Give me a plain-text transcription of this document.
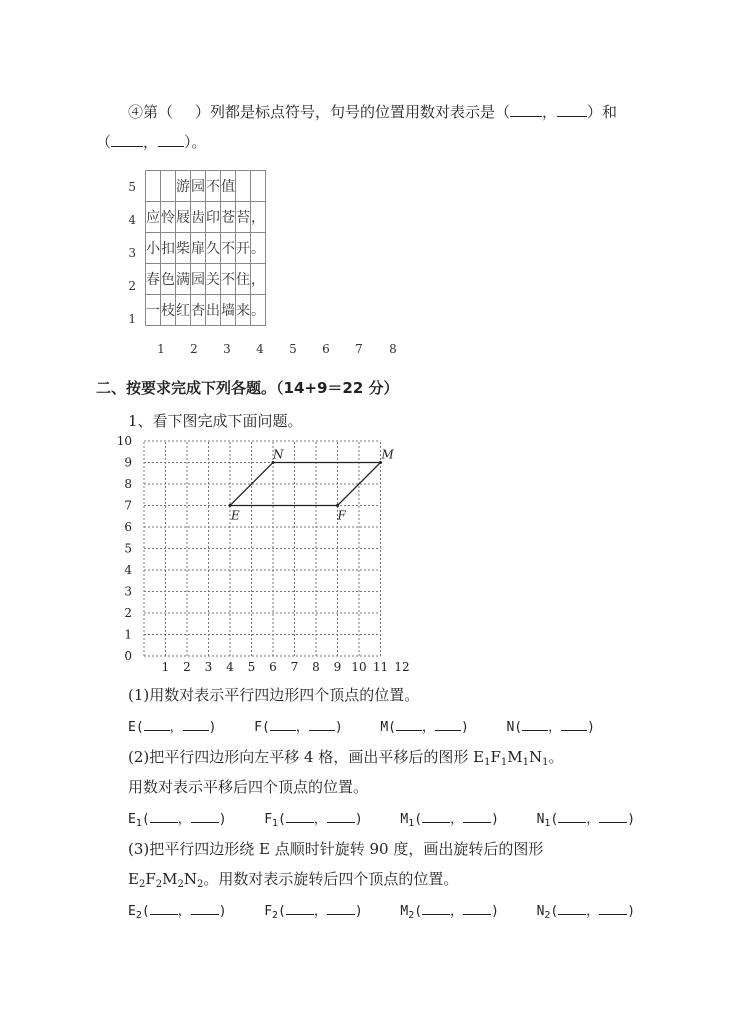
④第（ ）列都是标点符号，句号的位置用数对表示是（ ， ）和
（ ， ）。
5
4
3
2
1
		游	园	不	值		
应	怜	屐	齿	印	苍	苔	，
小	扣	柴	扉	久	不	开	。
春	色	满	园	关	不	住	，
一	枝	红	杏	出	墙	来	。
1 2 3 4 5 6 7 8
二、按要求完成下列各题。（14+9＝22 分）
1、看下图完成下面问题。
1 2 3 4 5 6 7 8 9 10 11 12
0
1
2
3
4
5
6
7
8
9
10
E	F
M
N
(1)用数对表示平行四边形四个顶点的位置。
E( ， )	F( ， )	M( ， )	N( ， )
(2)把平行四边形向左平移 4 格，画出平移后的图形 $E_1F_1M_1N_1$。
用数对表示平移后四个顶点的位置。
$E_1$( ， )	$F_1$( ， )	$M_1$( ， )	$N_1$( ， )
(3)把平行四边形绕 E 点顺时针旋转 90 度，画出旋转后的图形
$E_2F_2M_2N_2$。用数对表示旋转后四个顶点的位置。
$E_2$( ， )	$F_2$( ， )	$M_2$( ， )	$N_2$( ， )
